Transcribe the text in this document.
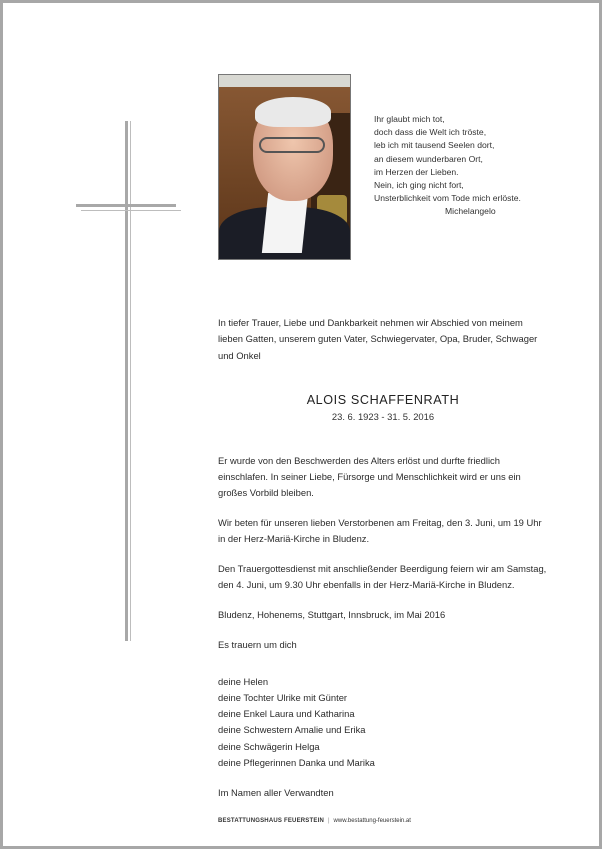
Ihr glaubt mich tot,
doch dass die Welt ich tröste,
leb ich mit tausend Seelen dort,
an diesem wunderbaren Ort,
im Herzen der Lieben.
Nein, ich ging nicht fort,
Unsterblichkeit vom Tode mich erlöste.
Michelangelo
In tiefer Trauer, Liebe und Dankbarkeit nehmen wir Abschied von meinem lieben Gatten, unserem guten Vater, Schwiegervater, Opa, Bruder, Schwager und Onkel
ALOIS SCHAFFENRATH
23. 6. 1923 - 31. 5. 2016

Er wurde von den Beschwerden des Alters erlöst und durfte friedlich einschlafen. In seiner Liebe, Fürsorge und Menschlichkeit wird er uns ein großes Vorbild bleiben.

Wir beten für unseren lieben Verstorbenen am Freitag, den 3. Juni, um 19 Uhr in der Herz-Mariä-Kirche in Bludenz.

Den Trauergottesdienst mit anschließender Beerdigung feiern wir am Samstag, den 4. Juni, um 9.30 Uhr ebenfalls in der Herz-Mariä-Kirche in Bludenz.

Bludenz, Hohenems, Stuttgart, Innsbruck, im Mai 2016

Es trauern um dich

deine Helen
deine Tochter Ulrike mit Günter
deine Enkel Laura und Katharina
deine Schwestern Amalie und Erika
deine Schwägerin Helga
deine Pflegerinnen Danka und Marika

Im Namen aller Verwandten

BESTATTUNGSHAUS FEUERSTEIN | www.bestattung-feuerstein.at
